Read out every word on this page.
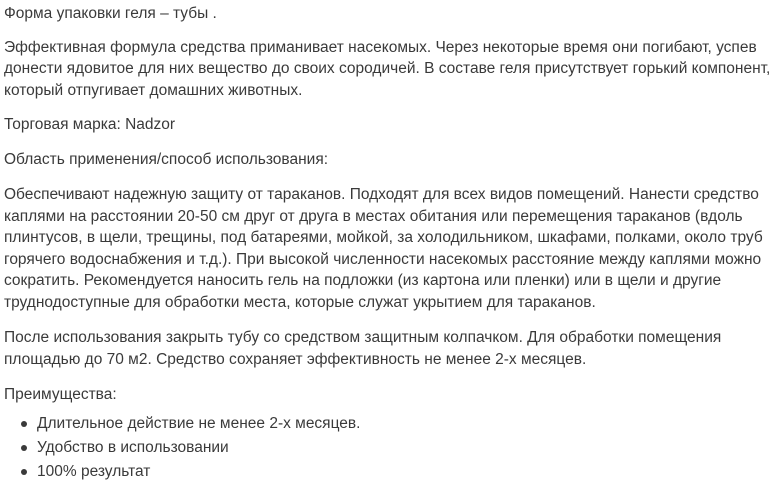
Форма упаковки геля – тубы .

Эффективная формула средства приманивает насекомых. Через некоторые время они погибают, успев
донести ядовитое для них вещество до своих сородичей. В составе геля присутствует горький компонент,
который отпугивает домашних животных.

Торговая марка: Nadzor

Область применения/способ использования:

Обеспечивают надежную защиту от тараканов. Подходят для всех видов помещений. Нанести средство
каплями на расстоянии 20-50 см друг от друга в местах обитания или перемещения тараканов (вдоль
плинтусов, в щели, трещины, под батареями, мойкой, за холодильником, шкафами, полками, около труб
горячего водоснабжения и т.д.). При высокой численности насекомых расстояние между каплями можно
сократить. Рекомендуется наносить гель на подложки (из картона или пленки) или в щели и другие
труднодоступные для обработки места, которые служат укрытием для тараканов.

После использования закрыть тубу со средством защитным колпачком. Для обработки помещения
площадью до 70 м2. Средство сохраняет эффективность не менее 2-х месяцев.

Преимущества:

Длительное действие не менее 2-х месяцев.
Удобство в использовании
100% результат
